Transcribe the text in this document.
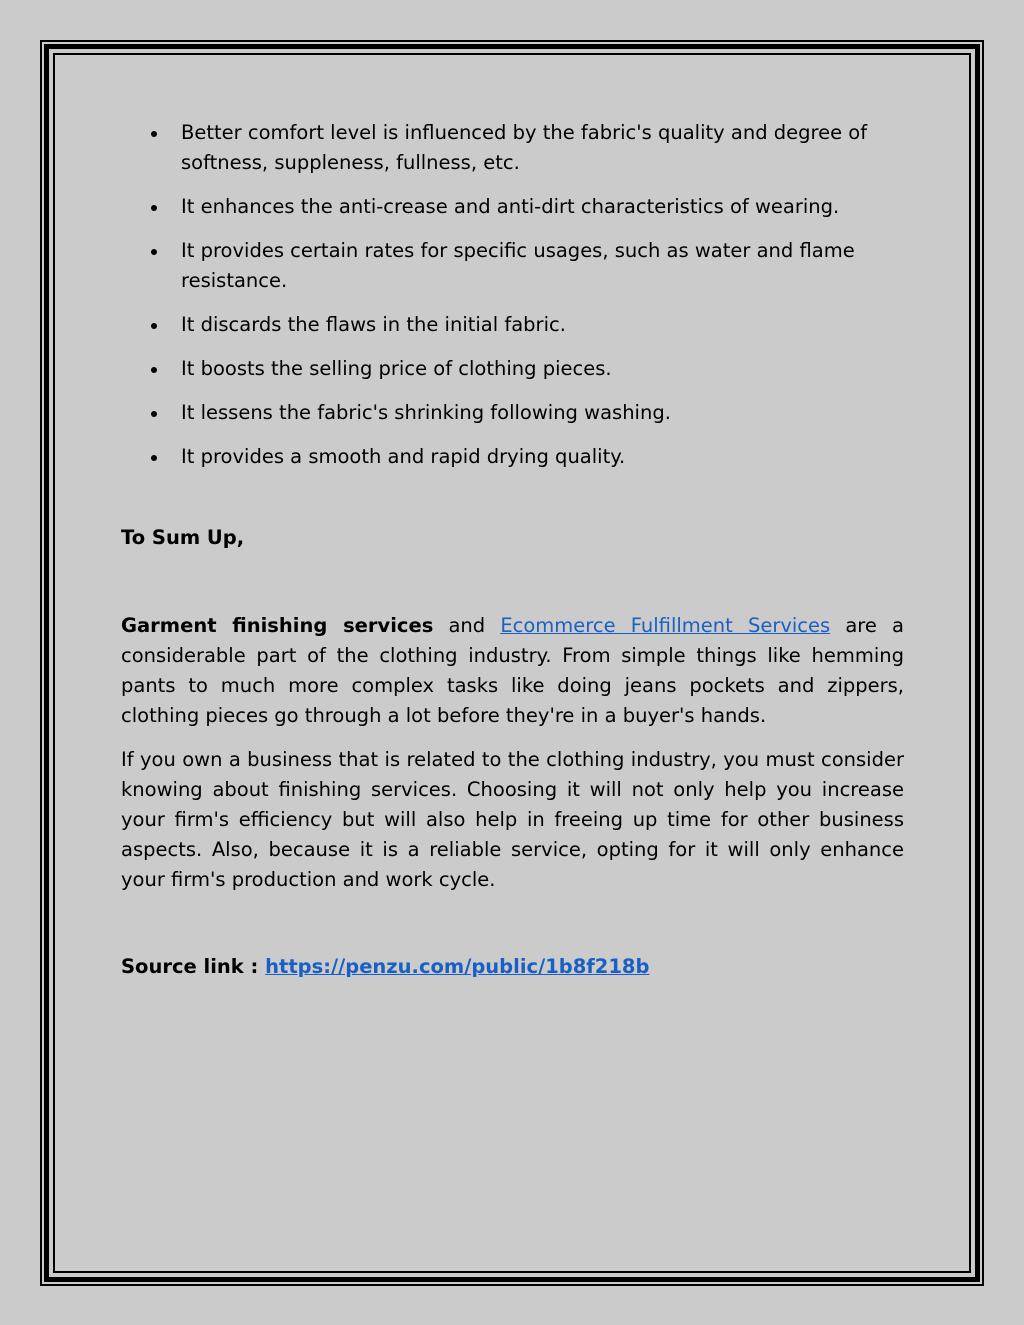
Better comfort level is influenced by the fabric's quality and degree of softness, suppleness, fullness, etc.
It enhances the anti-crease and anti-dirt characteristics of wearing.
It provides certain rates for specific usages, such as water and flame resistance.
It discards the flaws in the initial fabric.
It boosts the selling price of clothing pieces.
It lessens the fabric's shrinking following washing.
It provides a smooth and rapid drying quality.

To Sum Up,

Garment finishing services and Ecommerce Fulfillment Services are a considerable part of the clothing industry. From simple things like hemming pants to much more complex tasks like doing jeans pockets and zippers, clothing pieces go through a lot before they're in a buyer's hands.

If you own a business that is related to the clothing industry, you must consider knowing about finishing services. Choosing it will not only help you increase your firm's efficiency but will also help in freeing up time for other business aspects. Also, because it is a reliable service, opting for it will only enhance your firm's production and work cycle.

Source link : https://penzu.com/public/1b8f218b
